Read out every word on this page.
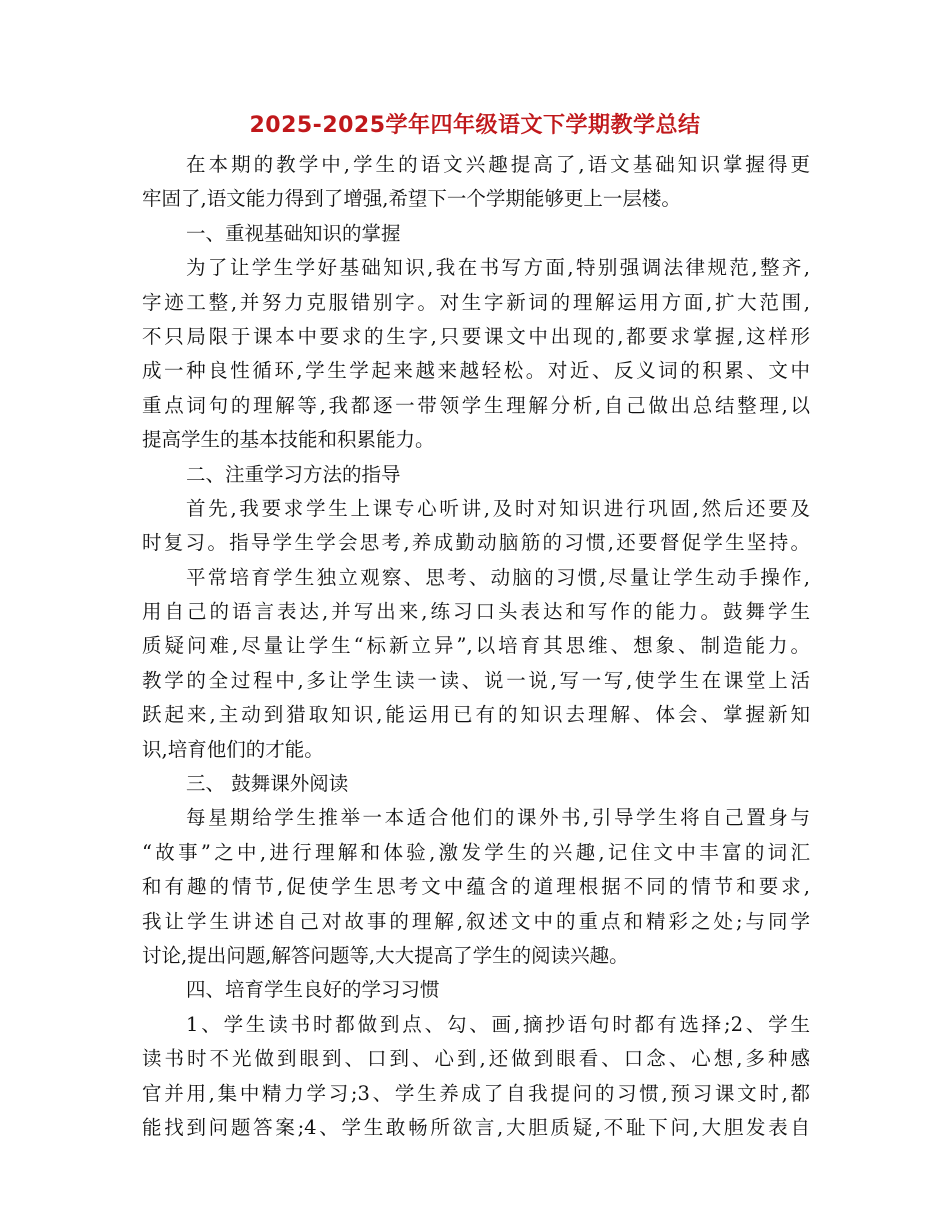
2025-2025学年四年级语文下学期教学总结
在本期的教学中,学生的语文兴趣提高了,语文基础知识掌握得更
牢固了,语文能力得到了增强,希望下一个学期能够更上一层楼。
一、重视基础知识的掌握
为了让学生学好基础知识,我在书写方面,特别强调法律规范,整齐,
字迹工整,并努力克服错别字。对生字新词的理解运用方面,扩大范围,
不只局限于课本中要求的生字,只要课文中出现的,都要求掌握,这样形
成一种良性循环,学生学起来越来越轻松。对近、反义词的积累、文中
重点词句的理解等,我都逐一带领学生理解分析,自己做出总结整理,以
提高学生的基本技能和积累能力。
二、注重学习方法的指导
首先,我要求学生上课专心听讲,及时对知识进行巩固,然后还要及
时复习。指导学生学会思考,养成勤动脑筋的习惯,还要督促学生坚持。
平常培育学生独立观察、思考、动脑的习惯,尽量让学生动手操作,
用自己的语言表达,并写出来,练习口头表达和写作的能力。鼓舞学生
质疑问难,尽量让学生“标新立异”,以培育其思维、想象、制造能力。
教学的全过程中,多让学生读一读、说一说,写一写,使学生在课堂上活
跃起来,主动到猎取知识,能运用已有的知识去理解、体会、掌握新知
识,培育他们的才能。
三、 鼓舞课外阅读
每星期给学生推举一本适合他们的课外书,引导学生将自己置身与
“故事”之中,进行理解和体验,激发学生的兴趣,记住文中丰富的词汇
和有趣的情节,促使学生思考文中蕴含的道理根据不同的情节和要求,
我让学生讲述自己对故事的理解,叙述文中的重点和精彩之处;与同学
讨论,提出问题,解答问题等,大大提高了学生的阅读兴趣。
四、培育学生良好的学习习惯
1、学生读书时都做到点、勾、画,摘抄语句时都有选择;2、学生
读书时不光做到眼到、口到、心到,还做到眼看、口念、心想,多种感
官并用,集中精力学习;3、学生养成了自我提问的习惯,预习课文时,都
能找到问题答案;4、学生敢畅所欲言,大胆质疑,不耻下问,大胆发表自
